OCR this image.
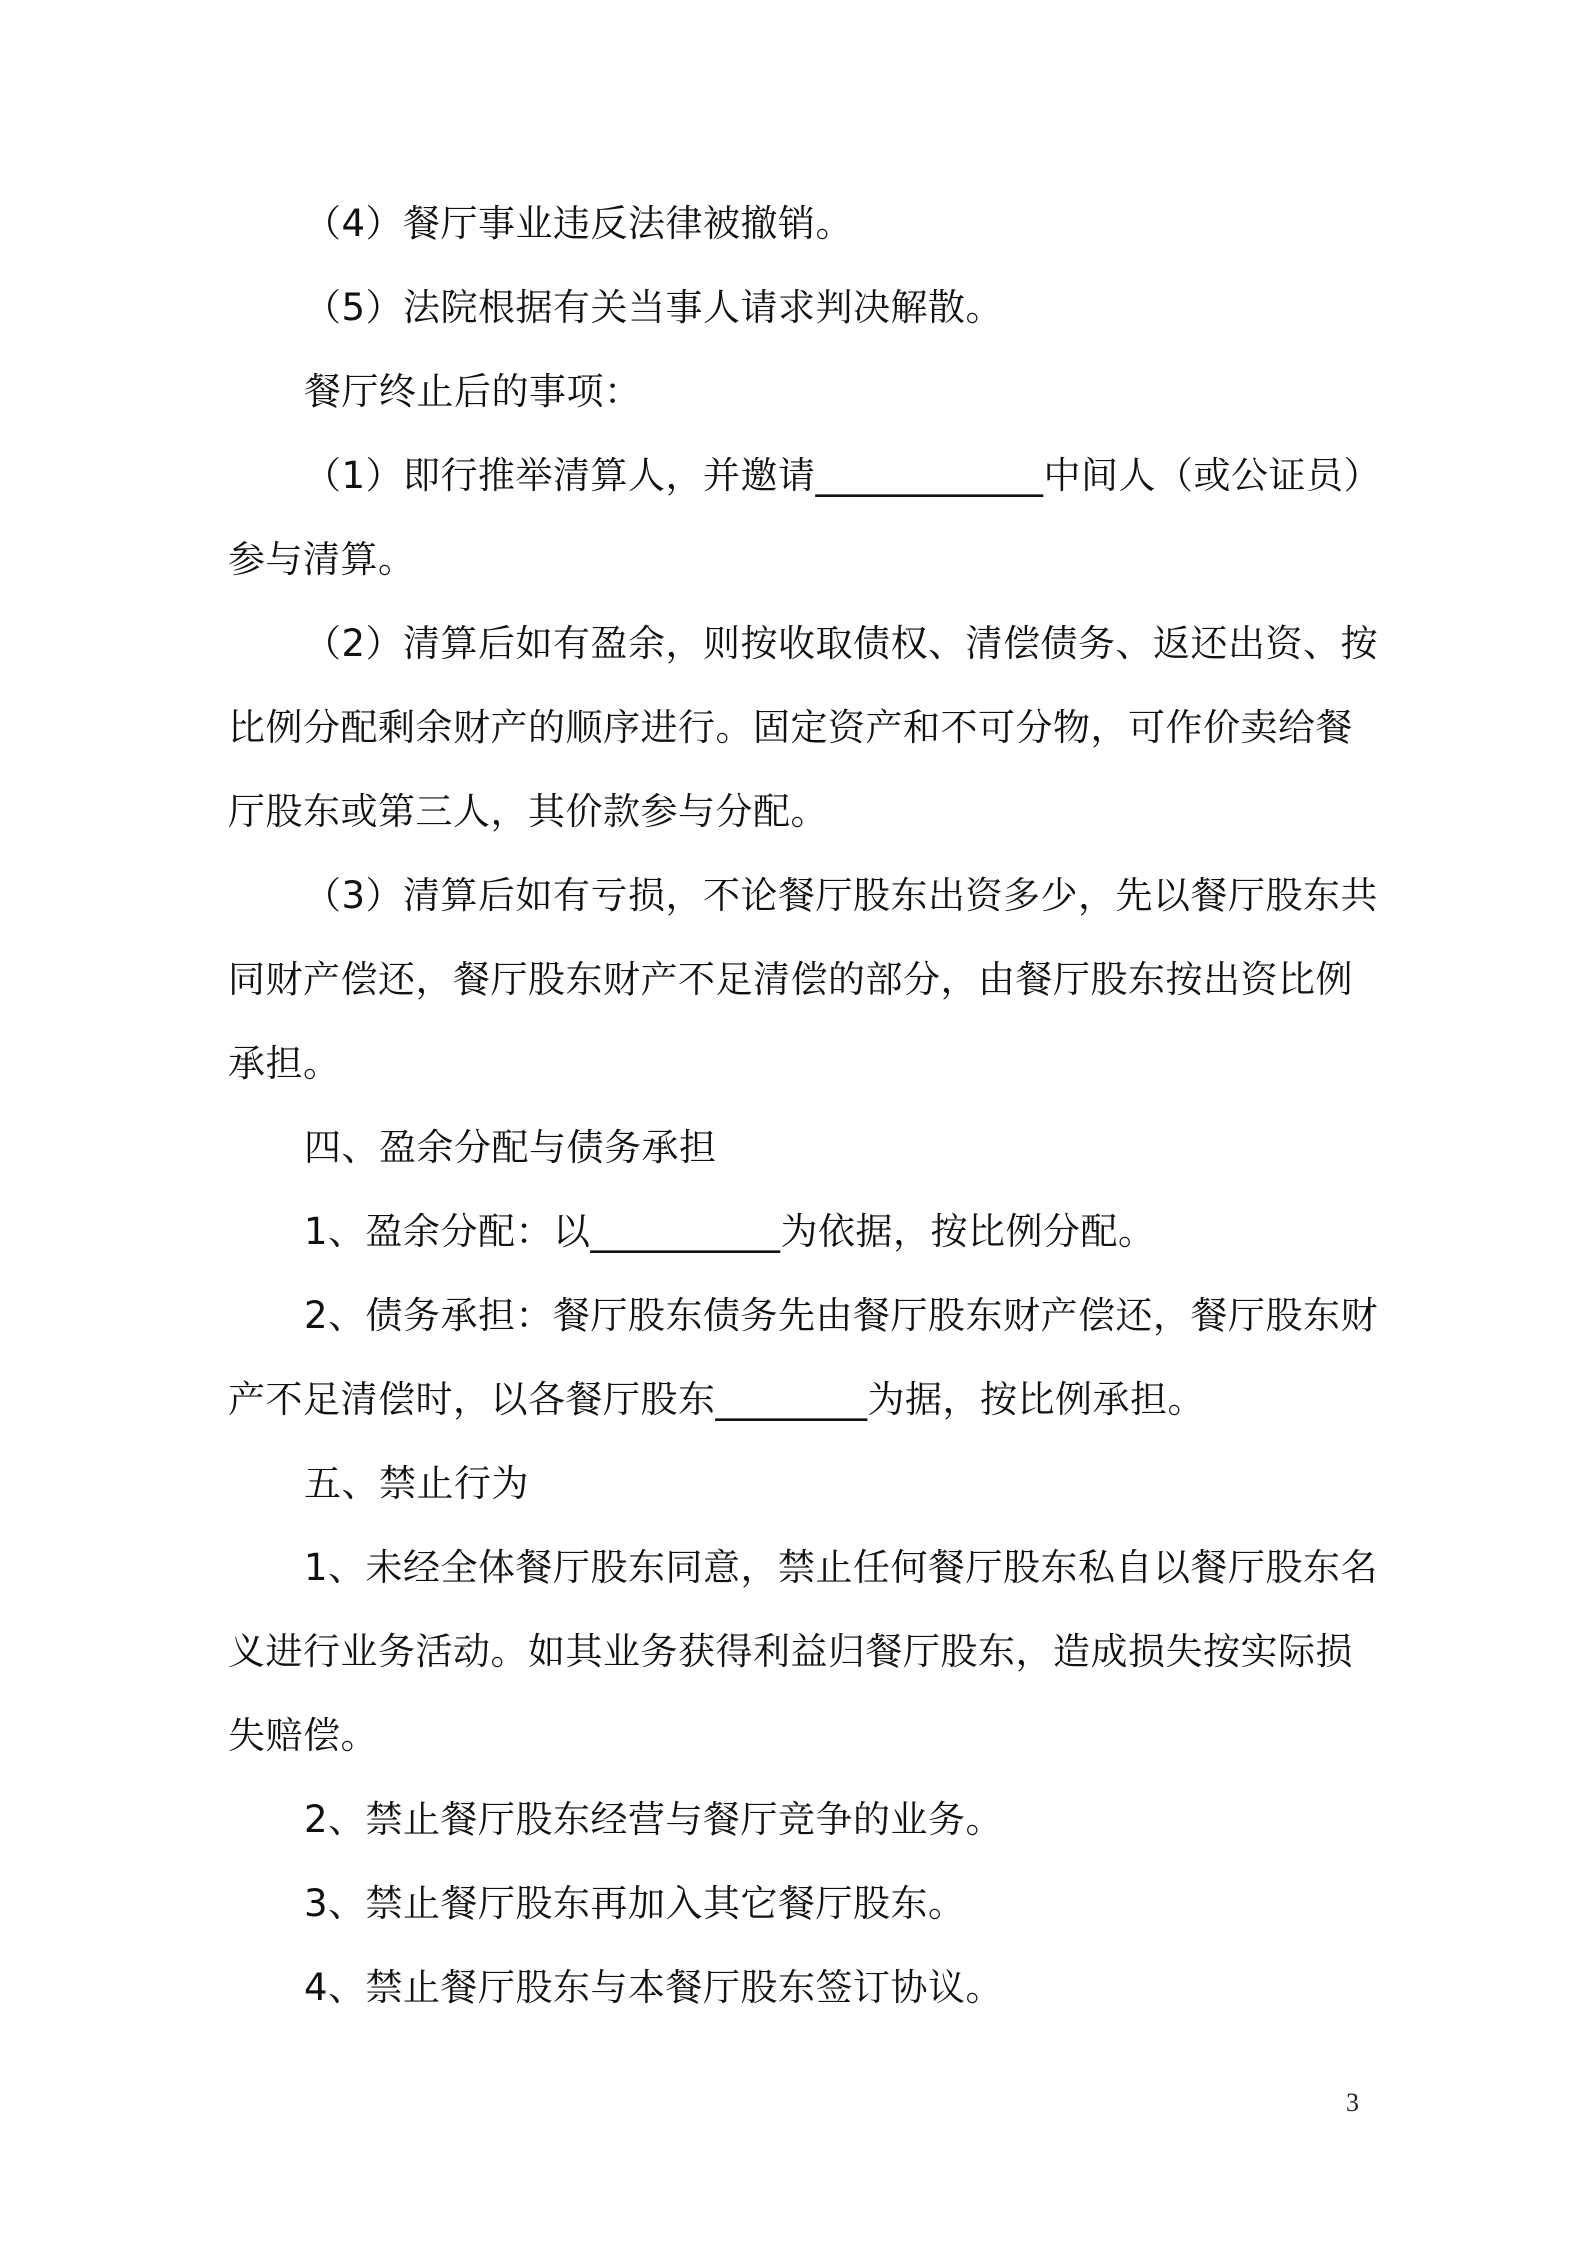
（4）餐厅事业违反法律被撤销。

（5）法院根据有关当事人请求判决解散。

餐厅终止后的事项：

（1）即行推举清算人，并邀请____________中间人（或公证员）
参与清算。

（2）清算后如有盈余，则按收取债权、清偿债务、返还出资、按
比例分配剩余财产的顺序进行。固定资产和不可分物，可作价卖给餐
厅股东或第三人，其价款参与分配。

（3）清算后如有亏损，不论餐厅股东出资多少，先以餐厅股东共
同财产偿还，餐厅股东财产不足清偿的部分，由餐厅股东按出资比例
承担。

四、盈余分配与债务承担

1、盈余分配：以__________为依据，按比例分配。

2、债务承担：餐厅股东债务先由餐厅股东财产偿还，餐厅股东财
产不足清偿时，以各餐厅股东________为据，按比例承担。

五、禁止行为

1、未经全体餐厅股东同意，禁止任何餐厅股东私自以餐厅股东名
义进行业务活动。如其业务获得利益归餐厅股东，造成损失按实际损
失赔偿。

2、禁止餐厅股东经营与餐厅竞争的业务。

3、禁止餐厅股东再加入其它餐厅股东。

4、禁止餐厅股东与本餐厅股东签订协议。

3
